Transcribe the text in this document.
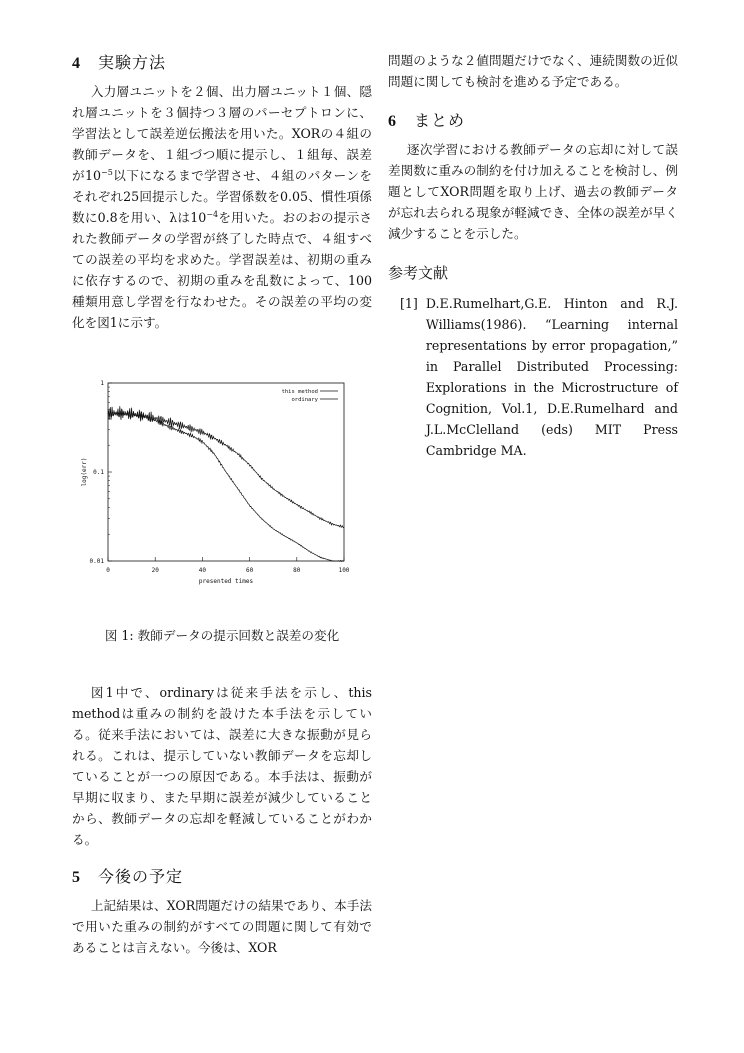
4 実験方法

入力層ユニットを２個、出力層ユニット１個、隠れ層ユニットを３個持つ３層のパーセプトロンに、学習法として誤差逆伝搬法を用いた。XORの４組の教師データを、１組づつ順に提示し、１組毎、誤差が$10^{-5}$以下になるまで学習させ、４組のパターンをそれぞれ25回提示した。学習係数を0.05、慣性項係数に0.8を用い、λは$10^{-4}$を用いた。おのおの提示された教師データの学習が終了した時点で、４組すべての誤差の平均を求めた。学習誤差は、初期の重みに依存するので、初期の重みを乱数によって、100種類用意し学習を行なわせた。その誤差の平均の変化を図1に示す。

0	20	40	60	80	100
0.01
0.1
1
presented times
log(err)
this method
ordinary
図 1: 教師データの提示回数と誤差の変化

図1中で、ordinaryは従来手法を示し、this methodは重みの制約を設けた本手法を示している。従来手法においては、誤差に大きな振動が見られる。これは、提示していない教師データを忘却していることが一つの原因である。本手法は、振動が早期に収まり、また早期に誤差が減少していることから、教師データの忘却を軽減していることがわかる。

5 今後の予定

上記結果は、XOR問題だけの結果であり、本手法で用いた重みの制約がすべての問題に関して有効であることは言えない。今後は、XOR

問題のような２値問題だけでなく、連続関数の近似問題に関しても検討を進める予定である。

6 まとめ

逐次学習における教師データの忘却に対して誤差関数に重みの制約を付け加えることを検討し、例題としてXOR問題を取り上げ、過去の教師データが忘れ去られる現象が軽減でき、全体の誤差が早く減少することを示した。

参考文献
[1] D.E.Rumelhart,G.E. Hinton and R.J. Williams(1986). “Learning internal representations by error propagation,” in Parallel Distributed Processing: Explorations in the Microstructure of Cognition, Vol.1, D.E.Rumelhard and J.L.McClelland (eds) MIT Press Cambridge MA.
